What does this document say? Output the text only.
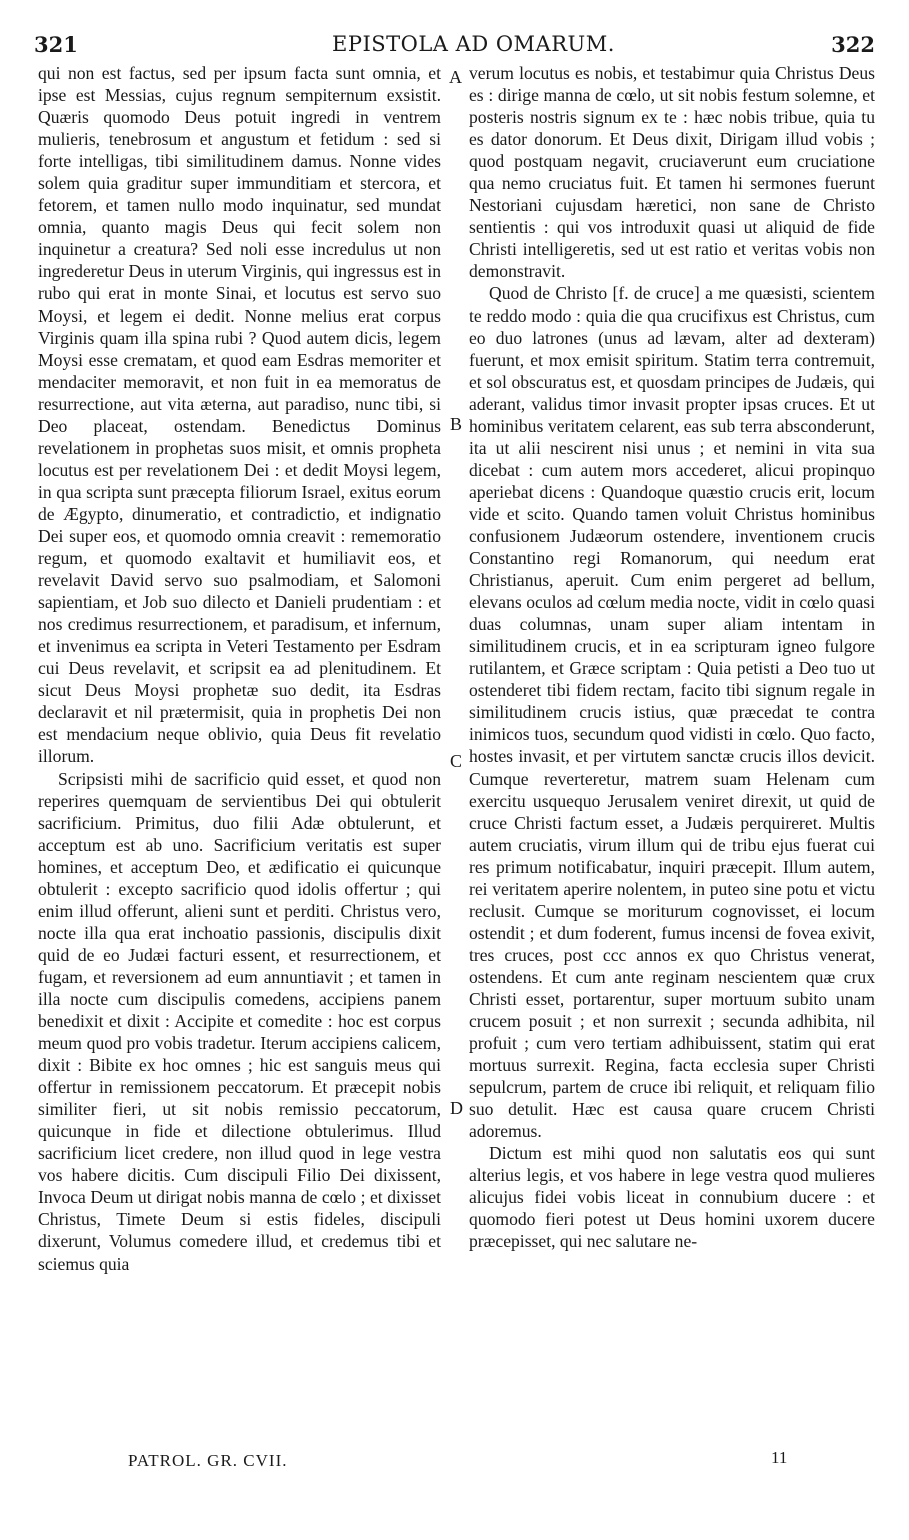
321	EPISTOLA AD OMARUM.	322

qui non est factus, sed per ipsum facta sunt omnia, et ipse est Messias, cujus regnum sempiternum exsistit. Quæris quomodo Deus potuit ingredi in ventrem mulieris, tenebrosum et angustum et fetidum : sed si forte intelligas, tibi similitudinem damus. Nonne vides solem quia graditur super immunditiam et stercora, et fetorem, et tamen nullo modo inquinatur, sed mundat omnia, quanto magis Deus qui fecit solem non inquinetur a creatura? Sed noli esse incredulus ut non ingrederetur Deus in uterum Virginis, qui ingressus est in rubo qui erat in monte Sinai, et locutus est servo suo Moysi, et legem ei dedit. Nonne melius erat corpus Virginis quam illa spina rubi ? Quod autem dicis, legem Moysi esse crematam, et quod eam Esdras memoriter et mendaciter memoravit, et non fuit in ea memoratus de resurrectione, aut vita æterna, aut paradiso, nunc tibi, si Deo placeat, ostendam. Benedictus Dominus revelationem in prophetas suos misit, et omnis propheta locutus est per revelationem Dei : et dedit Moysi legem, in qua scripta sunt præcepta filiorum Israel, exitus eorum de Ægypto, dinumeratio, et contradictio, et indignatio Dei super eos, et quomodo omnia creavit : rememoratio regum, et quomodo exaltavit et humiliavit eos, et revelavit David servo suo psalmodiam, et Salomoni sapientiam, et Job suo dilecto et Danieli prudentiam : et nos credimus resurrectionem, et paradisum, et infernum, et invenimus ea scripta in Veteri Testamento per Esdram cui Deus revelavit, et scripsit ea ad plenitudinem. Et sicut Deus Moysi prophetæ suo dedit, ita Esdras declaravit et nil prætermisit, quia in prophetis Dei non est mendacium neque oblivio, quia Deus fit revelatio illorum.

Scripsisti mihi de sacrificio quid esset, et quod non reperires quemquam de servientibus Dei qui obtulerit sacrificium. Primitus, duo filii Adæ obtulerunt, et acceptum est ab uno. Sacrificium veritatis est super homines, et acceptum Deo, et ædificatio ei quicunque obtulerit : excepto sacrificio quod idolis offertur ; qui enim illud offerunt, alieni sunt et perditi. Christus vero, nocte illa qua erat inchoatio passionis, discipulis dixit quid de eo Judæi facturi essent, et resurrectionem, et fugam, et reversionem ad eum annuntiavit ; et tamen in illa nocte cum discipulis comedens, accipiens panem benedixit et dixit : Accipite et comedite : hoc est corpus meum quod pro vobis tradetur. Iterum accipiens calicem, dixit : Bibite ex hoc omnes ; hic est sanguis meus qui offertur in remissionem peccatorum. Et præcepit nobis similiter fieri, ut sit nobis remissio peccatorum, quicunque in fide et dilectione obtulerimus. Illud sacrificium licet credere, non illud quod in lege vestra vos habere dicitis. Cum discipuli Filio Dei dixissent, Invoca Deum ut dirigat nobis manna de cœlo ; et dixisset Christus, Timete Deum si estis fideles, discipuli dixerunt, Volumus comedere illud, et credemus tibi et sciemus quia

A
B
C
D

verum locutus es nobis, et testabimur quia Christus Deus es : dirige manna de cœlo, ut sit nobis festum solemne, et posteris nostris signum ex te : hæc nobis tribue, quia tu es dator donorum. Et Deus dixit, Dirigam illud vobis ; quod postquam negavit, cruciaverunt eum cruciatione qua nemo cruciatus fuit. Et tamen hi sermones fuerunt Nestoriani cujusdam hæretici, non sane de Christo sentientis : qui vos introduxit quasi ut aliquid de fide Christi intelligeretis, sed ut est ratio et veritas vobis non demonstravit.

Quod de Christo [f. de cruce] a me quæsisti, scientem te reddo modo : quia die qua crucifixus est Christus, cum eo duo latrones (unus ad lævam, alter ad dexteram) fuerunt, et mox emisit spiritum. Statim terra contremuit, et sol obscuratus est, et quosdam principes de Judæis, qui aderant, validus timor invasit propter ipsas cruces. Et ut hominibus veritatem celarent, eas sub terra absconderunt, ita ut alii nescirent nisi unus ; et nemini in vita sua dicebat : cum autem mors accederet, alicui propinquo aperiebat dicens : Quandoque quæstio crucis erit, locum vide et scito. Quando tamen voluit Christus hominibus confusionem Judæorum ostendere, inventionem crucis Constantino regi Romanorum, qui needum erat Christianus, aperuit. Cum enim pergeret ad bellum, elevans oculos ad cœlum media nocte, vidit in cœlo quasi duas columnas, unam super aliam intentam in similitudinem crucis, et in ea scripturam igneo fulgore rutilantem, et Græce scriptam : Quia petisti a Deo tuo ut ostenderet tibi fidem rectam, facito tibi signum regale in similitudinem crucis istius, quæ præcedat te contra inimicos tuos, secundum quod vidisti in cœlo. Quo facto, hostes invasit, et per virtutem sanctæ crucis illos devicit. Cumque reverteretur, matrem suam Helenam cum exercitu usquequo Jerusalem veniret direxit, ut quid de cruce Christi factum esset, a Judæis perquireret. Multis autem cruciatis, virum illum qui de tribu ejus fuerat cui res primum notificabatur, inquiri præcepit. Illum autem, rei veritatem aperire nolentem, in puteo sine potu et victu reclusit. Cumque se moriturum cognovisset, ei locum ostendit ; et dum foderent, fumus incensi de fovea exivit, tres cruces, post ccc annos ex quo Christus venerat, ostendens. Et cum ante reginam nescientem quæ crux Christi esset, portarentur, super mortuum subito unam crucem posuit ; et non surrexit ; secunda adhibita, nil profuit ; cum vero tertiam adhibuissent, statim qui erat mortuus surrexit. Regina, facta ecclesia super Christi sepulcrum, partem de cruce ibi reliquit, et reliquam filio suo detulit. Hæc est causa quare crucem Christi adoremus.

Dictum est mihi quod non salutatis eos qui sunt alterius legis, et vos habere in lege vestra quod mulieres alicujus fidei vobis liceat in connubium ducere : et quomodo fieri potest ut Deus homini uxorem ducere præcepisset, qui nec salutare ne-

PATROL. GR. CVII.	11
